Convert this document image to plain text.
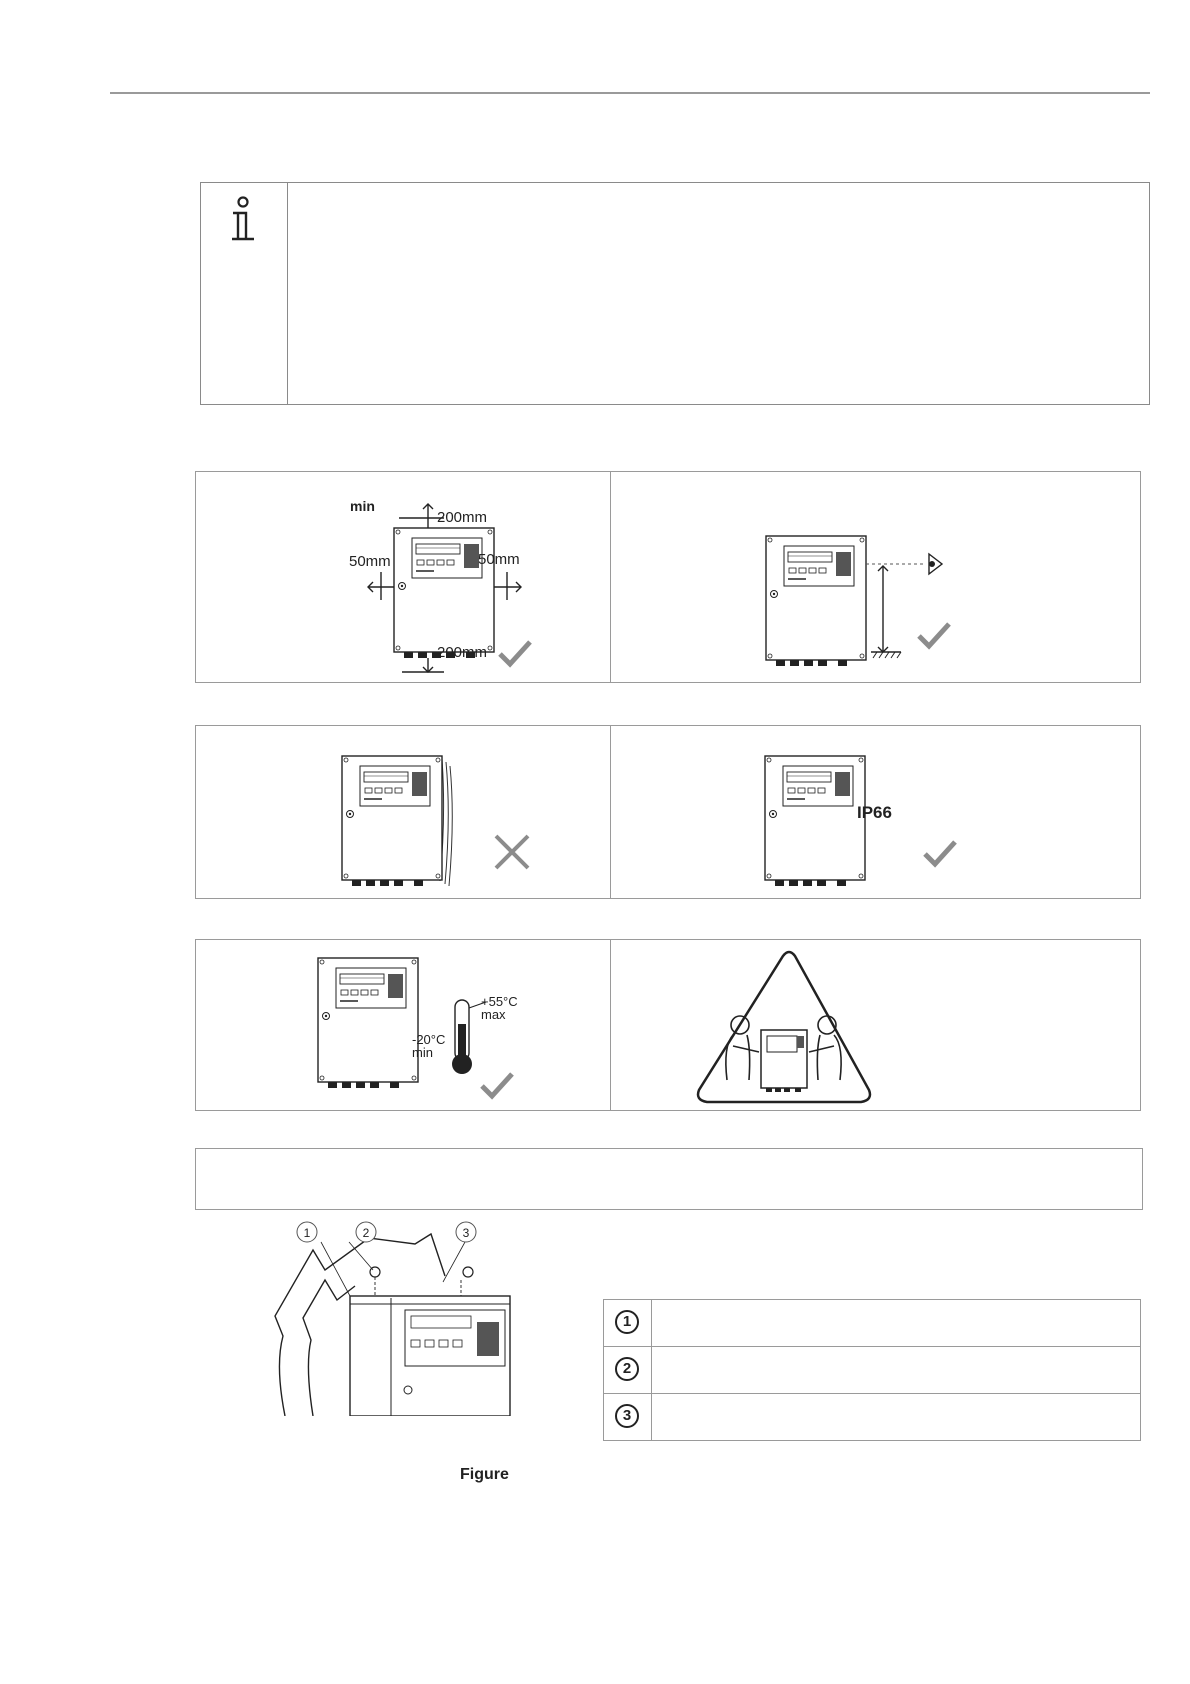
min
200mm
50mm	50mm
200mm
IP66
+55°C
max
-20°C
min
1	2	3
1
2
3
Figure
